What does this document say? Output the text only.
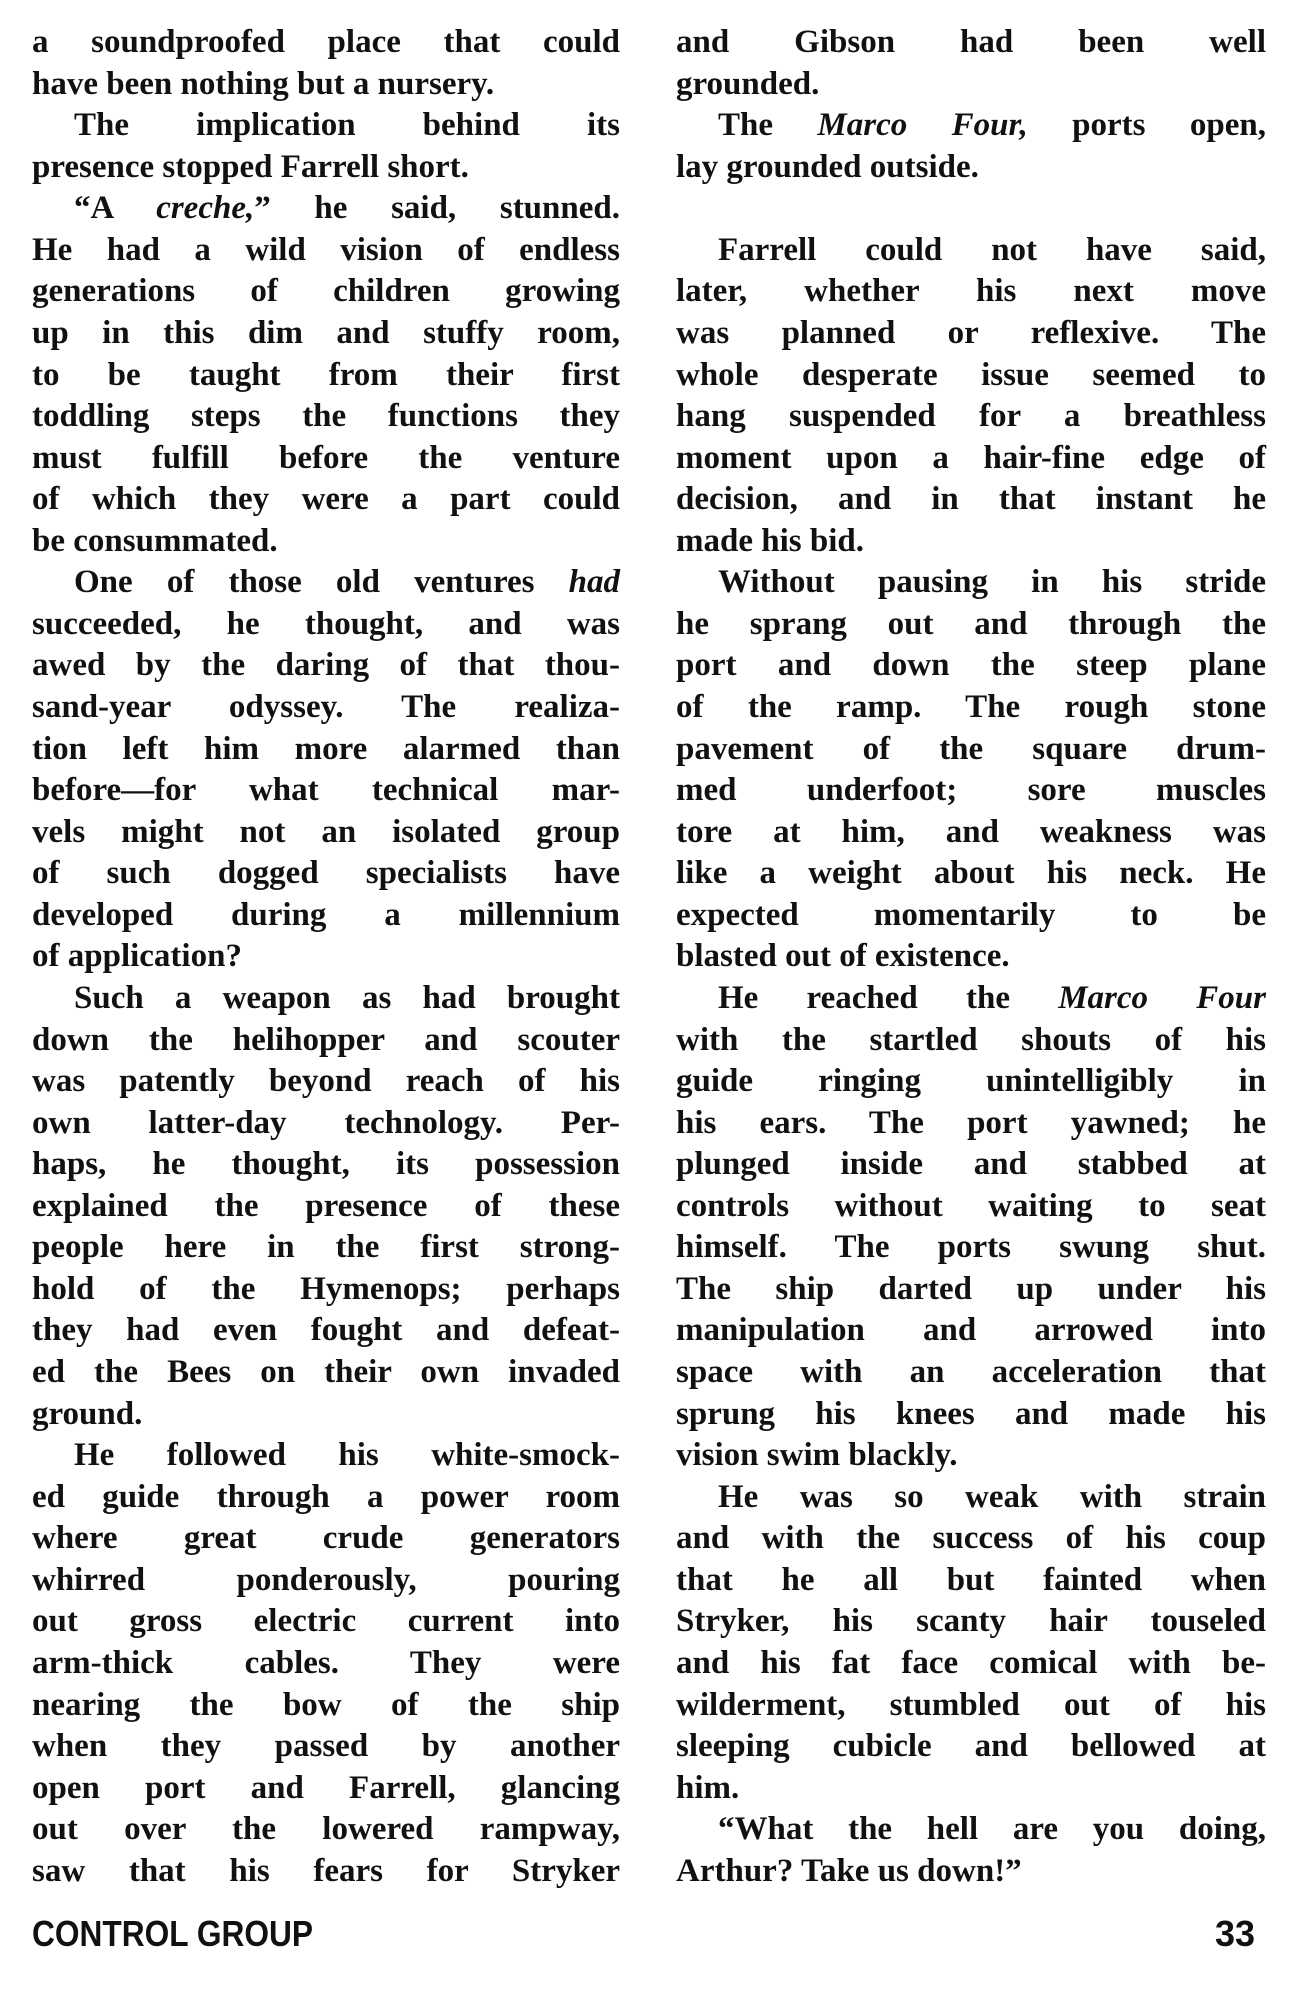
a soundproofed place that could
have been nothing but a nursery.
The implication behind its
presence stopped Farrell short.
“A creche,” he said, stunned.
He had a wild vision of endless
generations of children growing
up in this dim and stuffy room,
to be taught from their first
toddling steps the functions they
must fulfill before the venture
of which they were a part could
be consummated.
One of those old ventures had
succeeded, he thought, and was
awed by the daring of that thou-
sand-year odyssey. The realiza-
tion left him more alarmed than
before—for what technical mar-
vels might not an isolated group
of such dogged specialists have
developed during a millennium
of application?
Such a weapon as had brought
down the helihopper and scouter
was patently beyond reach of his
own latter-day technology. Per-
haps, he thought, its possession
explained the presence of these
people here in the first strong-
hold of the Hymenops; perhaps
they had even fought and defeat-
ed the Bees on their own invaded
ground.
He followed his white-smock-
ed guide through a power room
where great crude generators
whirred ponderously, pouring
out gross electric current into
arm-thick cables. They were
nearing the bow of the ship
when they passed by another
open port and Farrell, glancing
out over the lowered rampway,
saw that his fears for Stryker
and Gibson had been well
grounded.
The Marco Four, ports open,
lay grounded outside.
Farrell could not have said,
later, whether his next move
was planned or reflexive. The
whole desperate issue seemed to
hang suspended for a breathless
moment upon a hair-fine edge of
decision, and in that instant he
made his bid.
Without pausing in his stride
he sprang out and through the
port and down the steep plane
of the ramp. The rough stone
pavement of the square drum-
med underfoot; sore muscles
tore at him, and weakness was
like a weight about his neck. He
expected momentarily to be
blasted out of existence.
He reached the Marco Four
with the startled shouts of his
guide ringing unintelligibly in
his ears. The port yawned; he
plunged inside and stabbed at
controls without waiting to seat
himself. The ports swung shut.
The ship darted up under his
manipulation and arrowed into
space with an acceleration that
sprung his knees and made his
vision swim blackly.
He was so weak with strain
and with the success of his coup
that he all but fainted when
Stryker, his scanty hair touseled
and his fat face comical with be-
wilderment, stumbled out of his
sleeping cubicle and bellowed at
him.
“What the hell are you doing,
Arthur? Take us down!”
CONTROL GROUP	33
